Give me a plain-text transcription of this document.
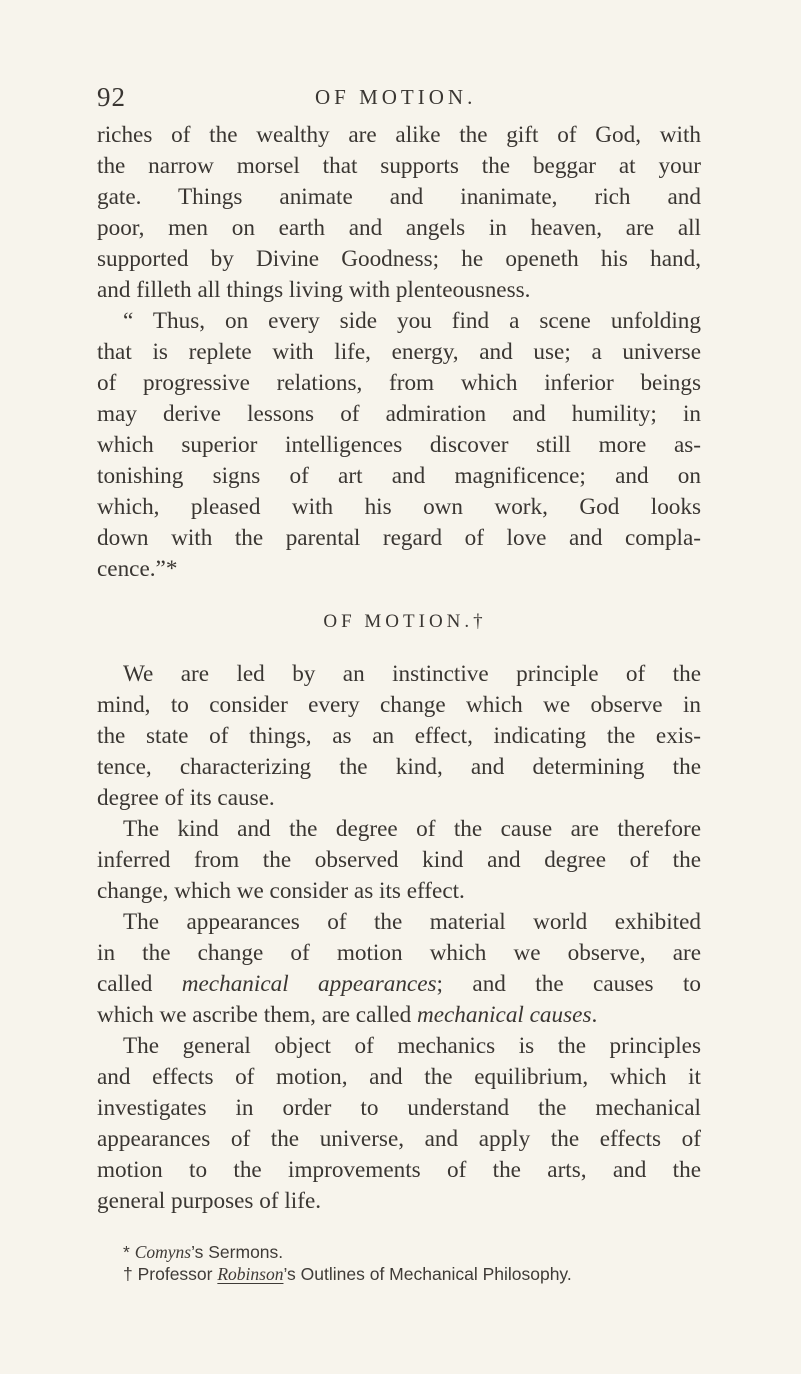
92	OF MOTION.
riches of the wealthy are alike the gift of God, with
the narrow morsel that supports the beggar at your
gate. Things animate and inanimate, rich and
poor, men on earth and angels in heaven, are all
supported by Divine Goodness; he openeth his hand,
and filleth all things living with plenteousness.
“ Thus, on every side you find a scene unfolding
that is replete with life, energy, and use; a universe
of progressive relations, from which inferior beings
may derive lessons of admiration and humility; in
which superior intelligences discover still more as-
tonishing signs of art and magnificence; and on
which, pleased with his own work, God looks
down with the parental regard of love and compla-
cence.”*
OF MOTION.†
We are led by an instinctive principle of the
mind, to consider every change which we observe in
the state of things, as an effect, indicating the exis-
tence, characterizing the kind, and determining the
degree of its cause.
The kind and the degree of the cause are therefore
inferred from the observed kind and degree of the
change, which we consider as its effect.
The appearances of the material world exhibited
in the change of motion which we observe, are
called mechanical appearances; and the causes to
which we ascribe them, are called mechanical causes.
The general object of mechanics is the principles
and effects of motion, and the equilibrium, which it
investigates in order to understand the mechanical
appearances of the universe, and apply the effects of
motion to the improvements of the arts, and the
general purposes of life.
* Comyns’s Sermons.
† Professor Robinson’s Outlines of Mechanical Philosophy.
